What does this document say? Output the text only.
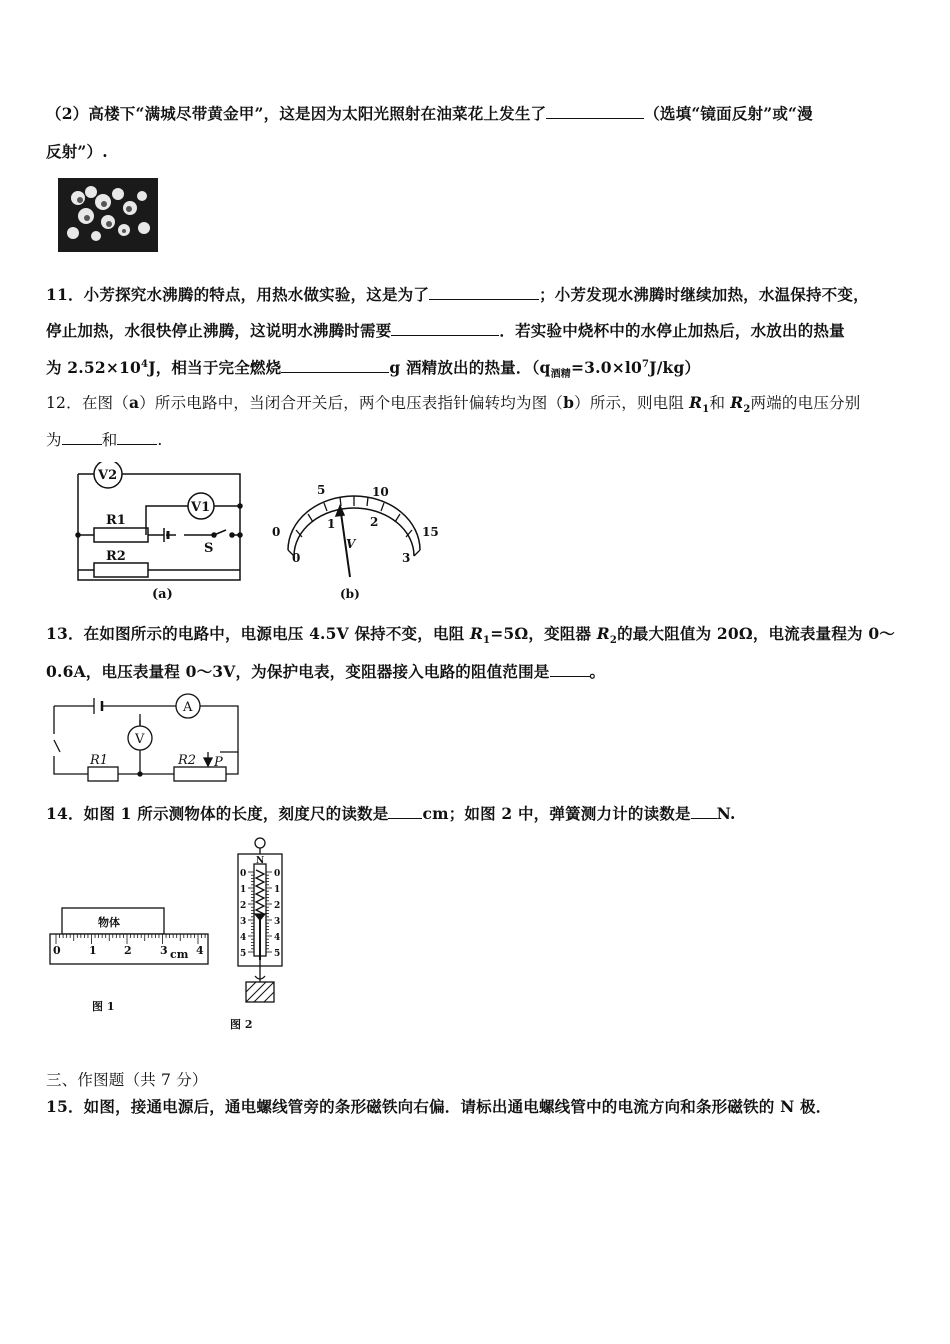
（2）高楼下“满城尽带黄金甲”，这是因为太阳光照射在油菜花上发生了	（选填“镜面反射”或“漫
反射”）.
11．小芳探究水沸腾的特点，用热水做实验，这是为了	；小芳发现水沸腾时继续加热，水温保持不变，
停止加热，水很快停止沸腾，这说明水沸腾时需要	．若实验中烧杯中的水停止加热后，水放出的热量
为 $2.52\times 10^4J$，相当于完全燃烧	g 酒精放出的热量．$(q_{酒精}=3.0\times l0^7J/kg)$
12．在图（a）所示电路中，当闭合开关后，两个电压表指针偏转均为图（b）所示，则电阻 $R_1$和 $R_2$两端的电压分别
为	和	.
V2
V1
R1
R2
S
(a)
0
5	10
15
0
1	2
3
V
(b)
13．在如图所示的电路中，电源电压 4.5V 保持不变，电阻 $R_1=5\Omega$，变阻器 $R_2$的最大阻值为 20Ω，电流表量程为 0～
0.6A，电压表量程 0～3V，为保护电表，变阻器接入电路的阻值范围是	。
A
V
R1	R2 P
14．如图 1 所示测物体的长度，刻度尺的读数是 cm；如图 2 中，弹簧测力计的读数是 N.
物体
0	1 2	3	4
cm
图 1
N
0
1
2
3
4
5
0
1
2
3
4
5
图 2
三、作图题（共 7 分）
15．如图，接通电源后，通电螺线管旁的条形磁铁向右偏．请标出通电螺线管中的电流方向和条形磁铁的 N 极．
